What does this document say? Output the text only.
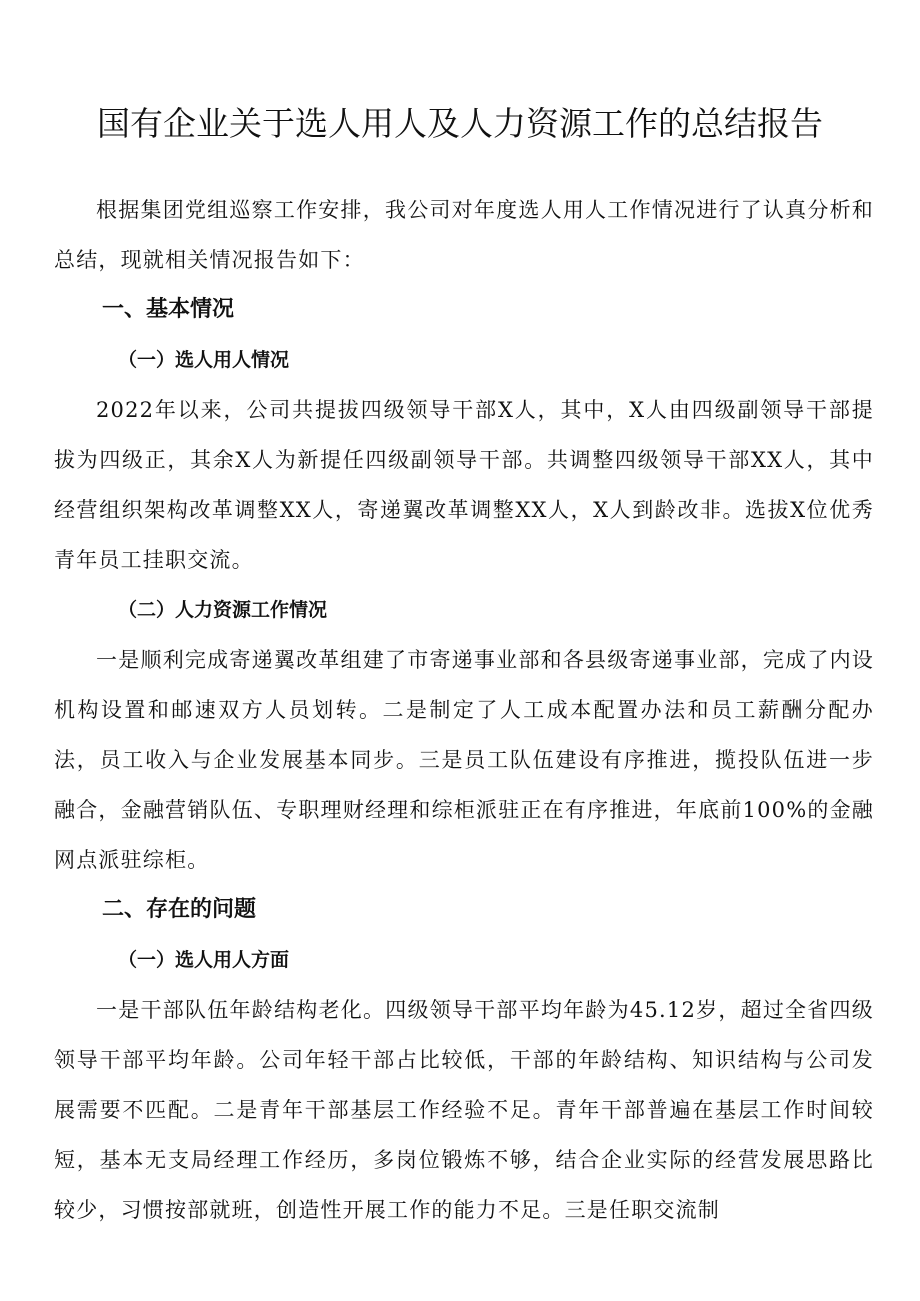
国有企业关于选人用人及人力资源工作的总结报告

根据集团党组巡察工作安排，我公司对年度选人用人工作情况进行了认真分析和总结，现就相关情况报告如下：

一、基本情况
（一）选人用人情况

2022年以来，公司共提拔四级领导干部X人，其中，X人由四级副领导干部提拔为四级正，其余X人为新提任四级副领导干部。共调整四级领导干部XX人，其中经营组织架构改革调整XX人，寄递翼改革调整XX人，X人到龄改非。选拔X位优秀青年员工挂职交流。

（二）人力资源工作情况

一是顺利完成寄递翼改革组建了市寄递事业部和各县级寄递事业部，完成了内设机构设置和邮速双方人员划转。二是制定了人工成本配置办法和员工薪酬分配办法，员工收入与企业发展基本同步。三是员工队伍建设有序推进，揽投队伍进一步融合，金融营销队伍、专职理财经理和综柜派驻正在有序推进，年底前100%的金融网点派驻综柜。

二、存在的问题
（一）选人用人方面

一是干部队伍年龄结构老化。四级领导干部平均年龄为45.12岁，超过全省四级领导干部平均年龄。公司年轻干部占比较低，干部的年龄结构、知识结构与公司发展需要不匹配。二是青年干部基层工作经验不足。青年干部普遍在基层工作时间较短，基本无支局经理工作经历，多岗位锻炼不够，结合企业实际的经营发展思路比较少，习惯按部就班，创造性开展工作的能力不足。三是任职交流制
